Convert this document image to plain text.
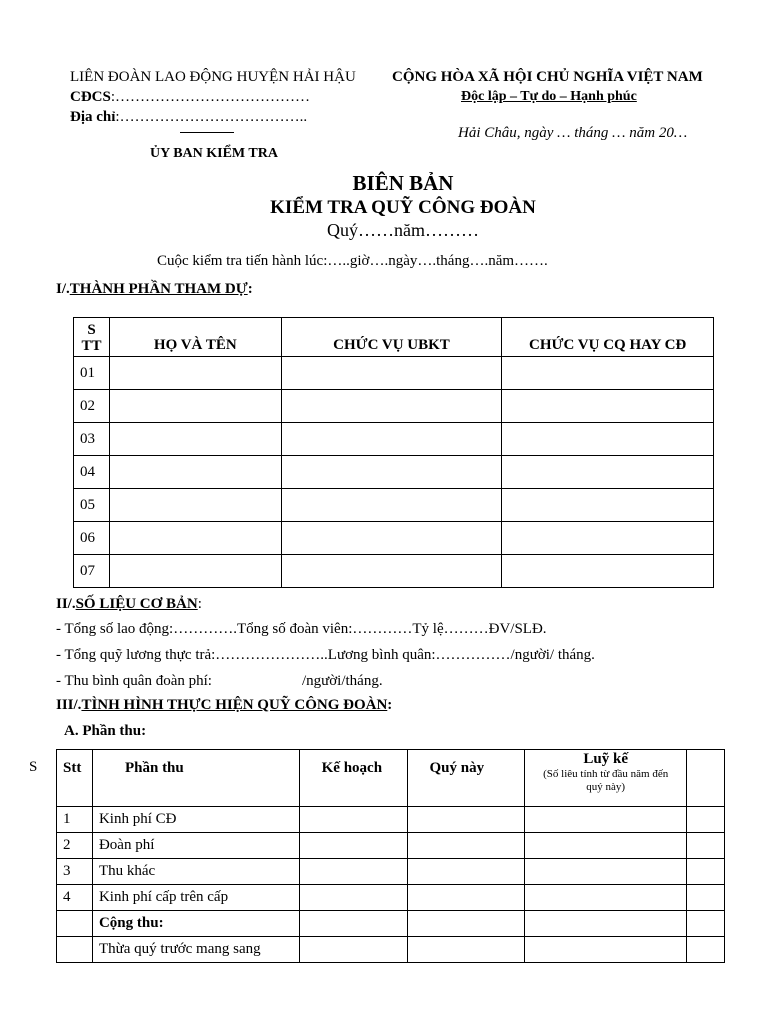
LIÊN ĐOÀN LAO ĐỘNG HUYỆN HẢI HẬU
CĐCS:…………………………………
Địa chỉ:………………………………..
ỦY BAN KIỂM TRA
CỘNG HÒA XÃ HỘI CHỦ NGHĨA VIỆT NAM
Độc lập – Tự do – Hạnh phúc
Hải Châu, ngày … tháng … năm 20…
BIÊN BẢN
KIỂM TRA QUỸ CÔNG ĐOÀN
Quý……năm………
Cuộc kiểm tra tiến hành lúc:…..giờ….ngày….tháng….năm…….
I/.THÀNH PHẦN THAM DỰ:
S
TT	HỌ VÀ TÊN	CHỨC VỤ UBKT	CHỨC VỤ CQ HAY CĐ
01			
02			
03			
04			
05			
06			
07			
II/.SỐ LIỆU CƠ BẢN:
- Tổng số lao động:………….Tổng số đoàn viên:…………Tỷ lệ………ĐV/SLĐ.
- Tổng quỹ lương thực trả:…………………..Lương bình quân:……………/người/ tháng.
- Thu bình quân đoàn phí:                        /người/tháng.
III/.TÌNH HÌNH THỰC HIỆN QUỸ CÔNG ĐOÀN:
A. Phần thu:
S Stt	Phần thu	Kế hoạch	Quý này	Luỹ kế
(Số liêu tính từ đầu năm đến quý này)	

1	Kinh phí CĐ				
2	Đoàn phí				
3	Thu khác				
4	Kinh phí cấp trên cấp				
	Cộng thu:				
	Thừa quý trước mang sang				
